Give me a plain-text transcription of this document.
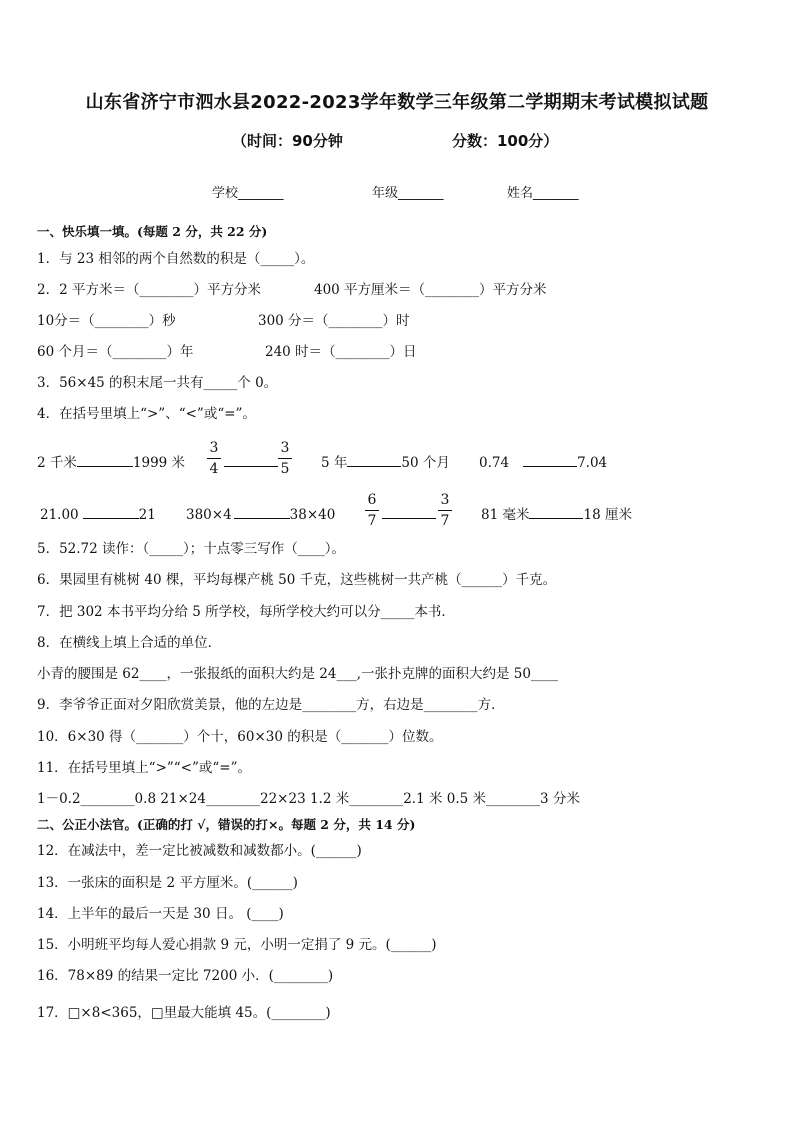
山东省济宁市泗水县2022-2023学年数学三年级第二学期期末考试模拟试题
（时间：90分钟	分数：100分）
学校_______	年级_______	姓名_______
一、快乐填一填。(每题 2 分，共 22 分)
1．与 23 相邻的两个自然数的积是（_____）。
2．2 平方米＝（________）平方分米	400 平方厘米＝（________）平方分米
10分＝（________）秒	300 分＝（________）时
60 个月＝（________）年	240 时＝（________）日
3．56×45 的积末尾一共有_____个 0。
4．在括号里填上“>”、“<”或“=”。
2 千米	1999 米
3
4
3
5 5 年	50 个月 0.74	7.04
21.00	21 380×4	38×40
6
7
3
7 81 毫米	18 厘米
5．52.72 读作：（_____）；十点零三写作（____）。
6．果园里有桃树 40 棵，平均每棵产桃 50 千克，这些桃树一共产桃（______）千克。
7．把 302 本书平均分给 5 所学校，每所学校大约可以分_____本书．
8．在横线上填上合适的单位．
小青的腰围是 62____，一张报纸的面积大约是 24___,一张扑克牌的面积大约是 50____
9．李爷爷正面对夕阳欣赏美景，他的左边是________方，右边是________方．
10．6×30 得（_______）个十，60×30 的积是（_______）位数。
11．在括号里填上“>”“<”或“=”。
1－0.2________0.8 21×24________22×23 1.2 米________2.1 米 0.5 米________3 分米
二、公正小法官。(正确的打 √，错误的打×。每题 2 分，共 14 分)
12．在减法中，差一定比被减数和减数都小。(______)
13．一张床的面积是 2 平方厘米。(______)
14．上半年的最后一天是 30 日。 (____)
15．小明班平均每人爱心捐款 9 元，小明一定捐了 9 元。(______)
16．78×89 的结果一定比 7200 小．(________)
17．□×8<365，□里最大能填 45。(________)
